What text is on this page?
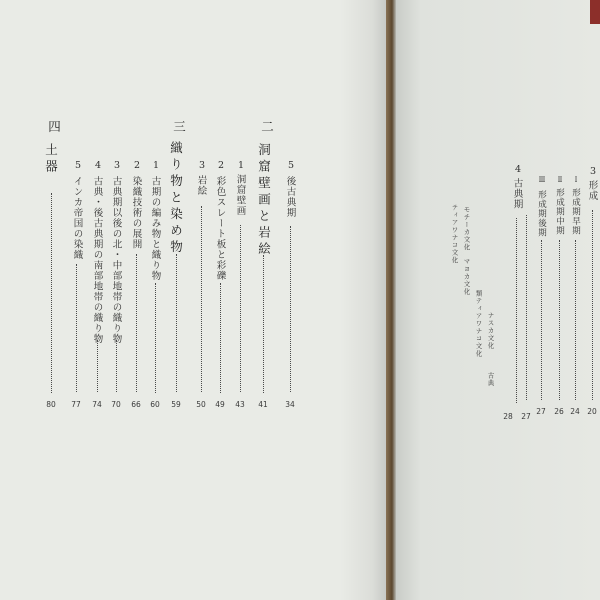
5
後古典期
34
二
洞窟壁画と岩絵
41
1
洞窟壁画
43
2
彩色スレート板と彩礫
49
3
岩絵
50
三
織り物と染め物
59
1
古期の編み物と織り物
60
2
染織技術の展開
66
3
古典期以後の北・中部地帯の織り物
70
4
古典・後古典期の南部地帯の織り物
74
5
インカ帝国の染織
77
四
土器
80
3
形成
20
Ⅰ
形成期早期
24
Ⅱ
形成期中期
26
Ⅲ
形成期後期
27
27
4
古典期
28
古典
ナスカ文化
類ティアワナコ文化
マヨカ文化
モチーカ文化
ティアワナコ文化
